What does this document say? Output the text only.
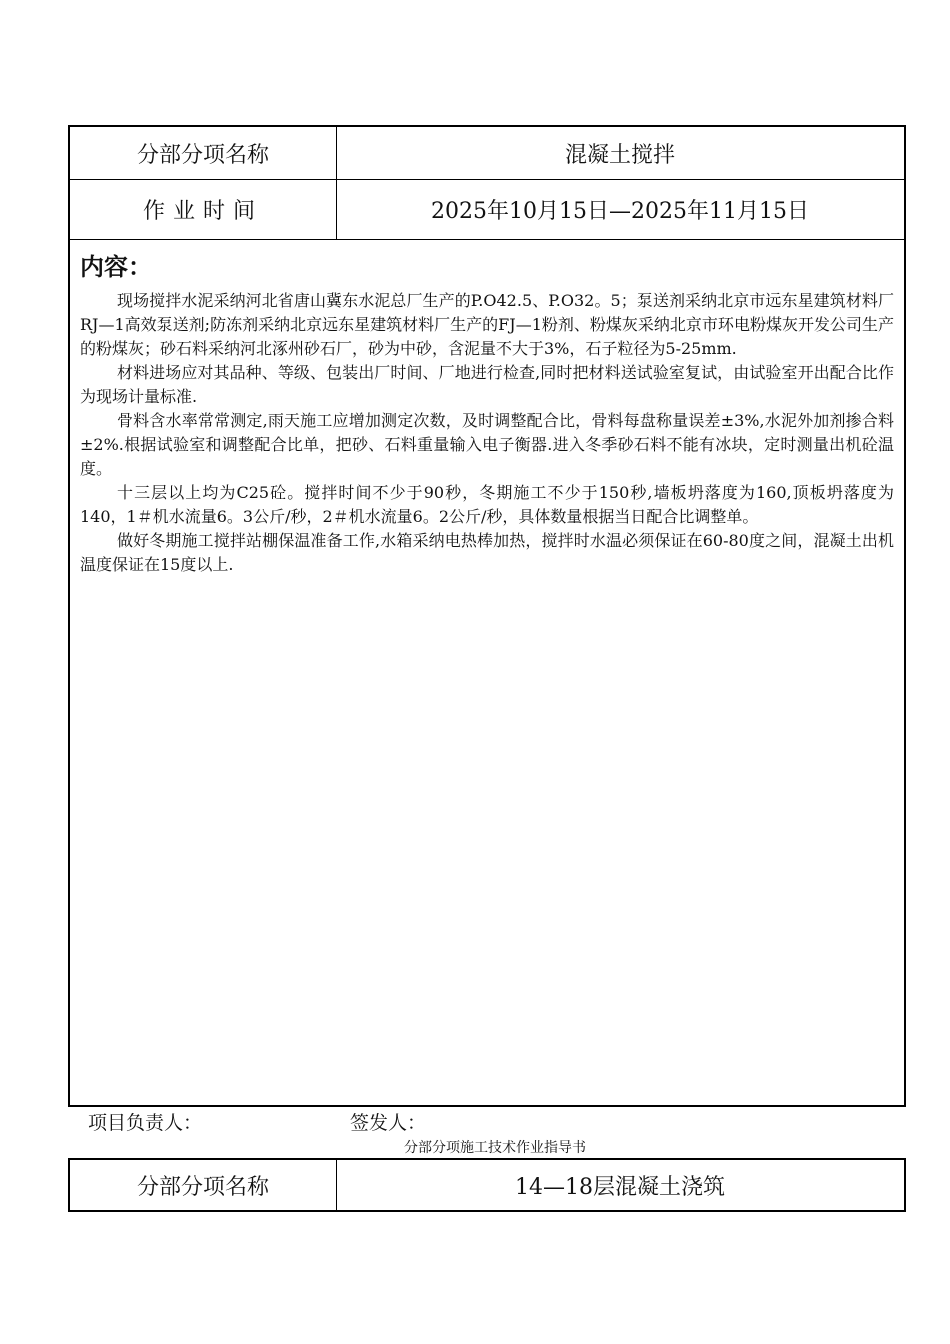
分部分项名称	混凝土搅拌
作业时间	2025年10月15日—2025年11月15日
内容：

现场搅拌水泥采纳河北省唐山冀东水泥总厂生产的P.O42.5、P.O32。5；泵送剂采纳北京市远东星建筑材料厂RJ—1高效泵送剂;防冻剂采纳北京远东星建筑材料厂生产的FJ—1粉剂、粉煤灰采纳北京市环电粉煤灰开发公司生产的粉煤灰；砂石料采纳河北涿州砂石厂，砂为中砂，含泥量不大于3%，石子粒径为5-25mm.

材料进场应对其品种、等级、包装出厂时间、厂地进行检查,同时把材料送试验室复试，由试验室开出配合比作为现场计量标准.

骨料含水率常常测定,雨天施工应增加测定次数，及时调整配合比，骨料每盘称量误差±3%,水泥外加剂掺合料±2%.根据试验室和调整配合比单，把砂、石料重量输入电子衡器.进入冬季砂石料不能有冰块，定时测量出机砼温度。

十三层以上均为C25砼。搅拌时间不少于90秒，冬期施工不少于150秒,墙板坍落度为160,顶板坍落度为140，1＃机水流量6。3公斤/秒，2＃机水流量6。2公斤/秒，具体数量根据当日配合比调整单。

做好冬期施工搅拌站棚保温准备工作,水箱采纳电热棒加热，搅拌时水温必须保证在60-80度之间，混凝土出机温度保证在15度以上.

项目负责人：	签发人：
分部分项施工技术作业指导书
分部分项名称	14—18层混凝土浇筑
